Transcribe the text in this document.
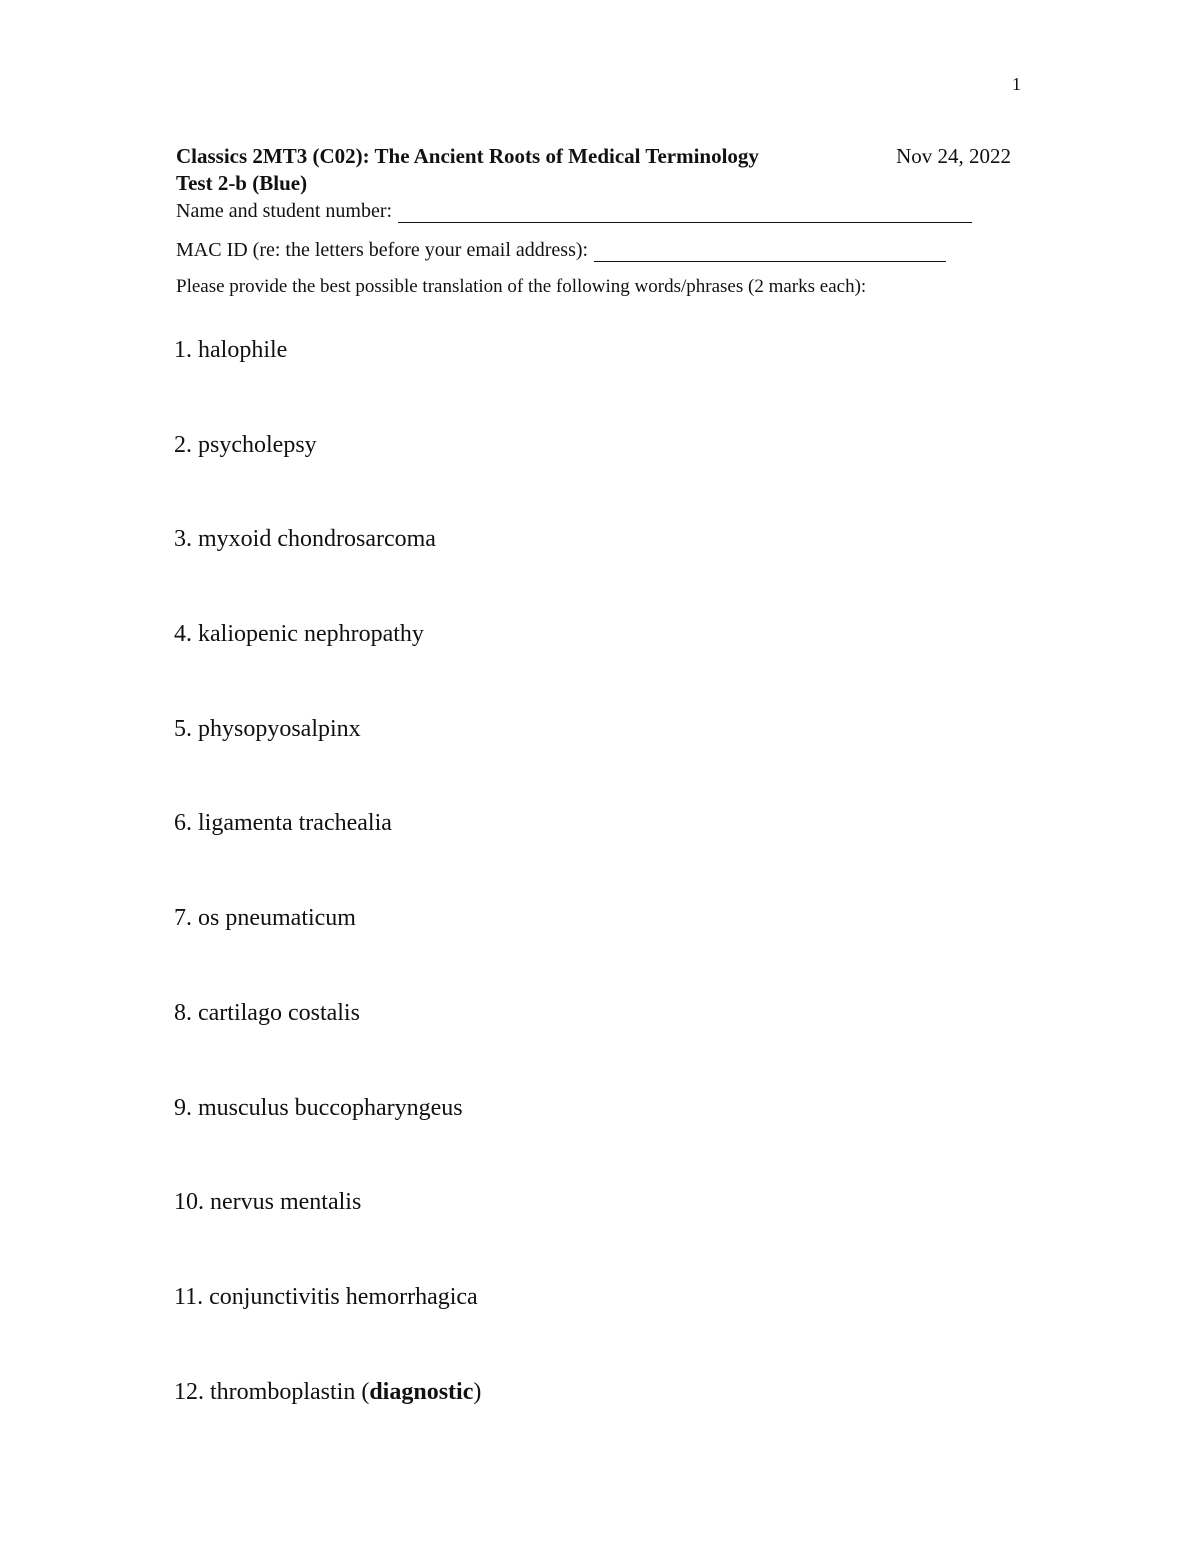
1
Classics 2MT3 (C02): The Ancient Roots of Medical Terminology	Nov 24, 2022
Test 2-b (Blue)
Name and student number:
MAC ID (re: the letters before your email address):
Please provide the best possible translation of the following words/phrases (2 marks each):
1. halophile
2. psycholepsy
3. myxoid chondrosarcoma
4. kaliopenic nephropathy
5. physopyosalpinx
6. ligamenta trachealia
7. os pneumaticum
8. cartilago costalis
9. musculus buccopharyngeus
10. nervus mentalis
11. conjunctivitis hemorrhagica
12. thromboplastin (diagnostic)
